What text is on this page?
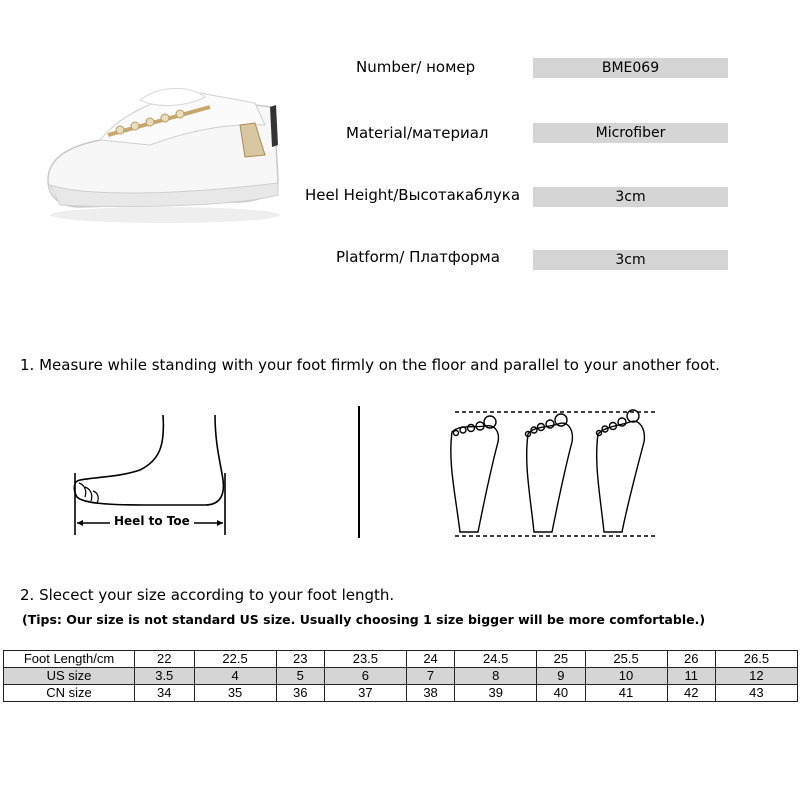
Number/ номер	BME069
Material/материал	Microfiber
Heel Height/Высотакаблука	3cm
Platform/ Платформа	3cm
1. Measure while standing with your foot firmly on the floor and parallel to your another foot.
Heel to Toe
2. Slecect your size according to your foot length.
(Tips: Our size is not standard US size. Usually choosing 1 size bigger will be more comfortable.)
Foot Length/cm	22	22.5	23	23.5	24	24.5	25	25.5	26	26.5
US size	3.5	4	5	6	7	8	9	10	11	12
CN size	34	35	36	37	38	39	40	41	42	43
